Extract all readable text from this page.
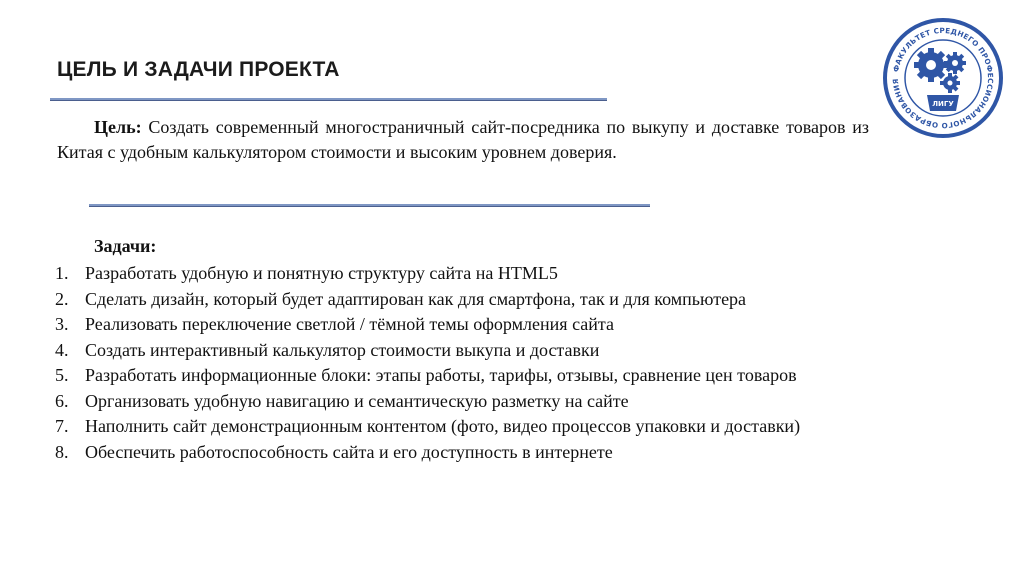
ЦЕЛЬ И ЗАДАЧИ ПРОЕКТА

Цель: Создать современный многостраничный сайт-посредника по выкупу и доставке товаров из Китая с удобным калькулятором стоимости и высоким уровнем доверия.

Задачи:
1. Разработать удобную и понятную структуру сайта на HTML5
2. Сделать дизайн, который будет адаптирован как для смартфона, так и для компьютера
3. Реализовать переключение светлой / тёмной темы оформления сайта
4. Создать интерактивный калькулятор стоимости выкупа и доставки
5. Разработать информационные блоки: этапы работы, тарифы, отзывы, сравнение цен товаров
6. Организовать удобную навигацию и семантическую разметку на сайте
7. Наполнить сайт демонстрационным контентом (фото, видео процессов упаковки и доставки)
8. Обеспечить работоспособность сайта и его доступность в интернете
ФАКУЛЬТЕТ СРЕДНЕГО ПРОФЕССИОНАЛЬНОГО ОБРАЗОВАНИЯ
ЛИГУ
